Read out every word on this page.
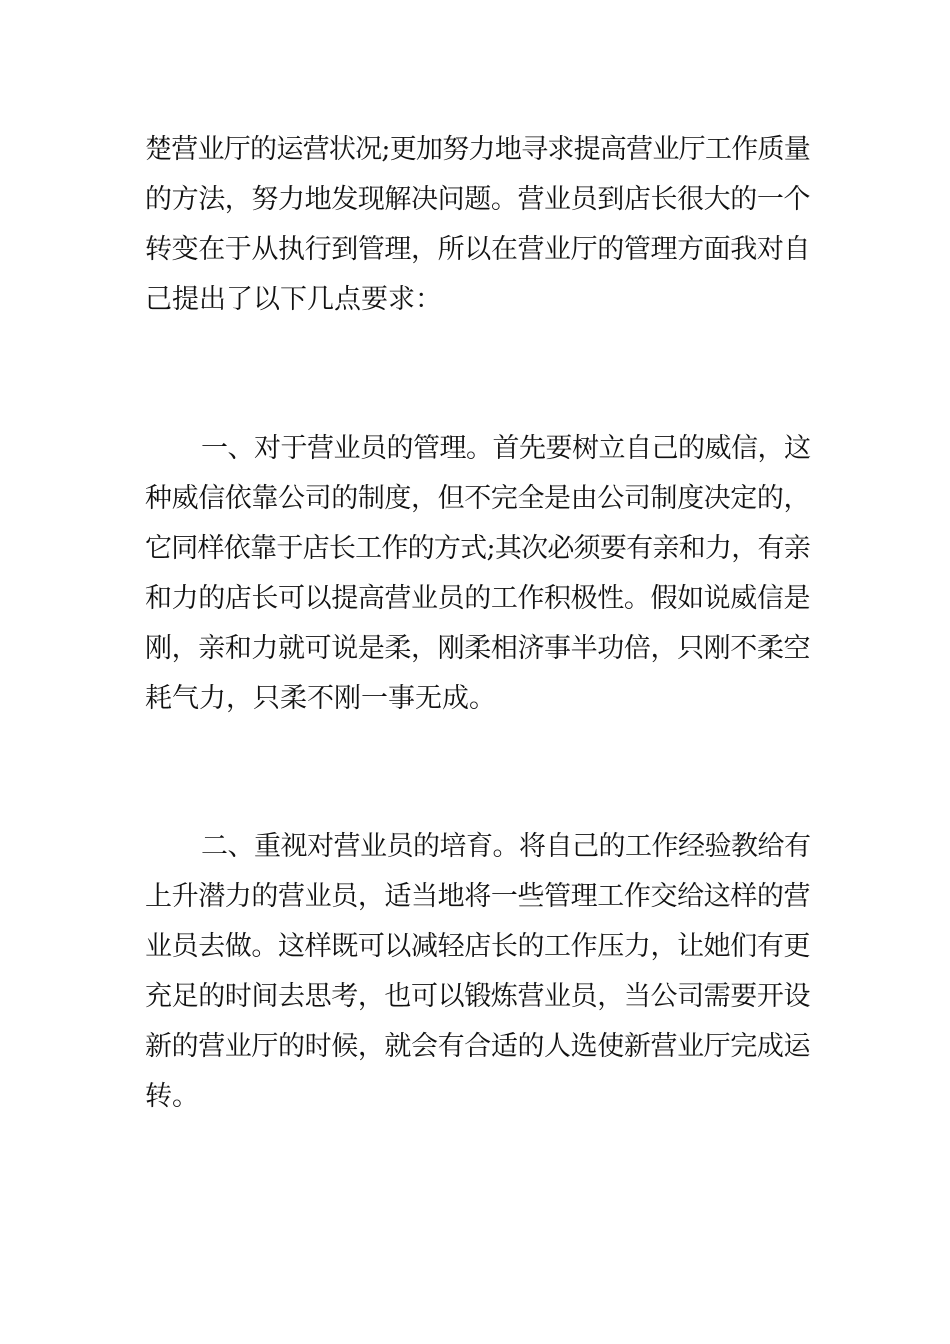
楚营业厅的运营状况;更加努力地寻求提高营业厅工作质量
的方法，努力地发现解决问题。营业员到店长很大的一个
转变在于从执行到管理，所以在营业厅的管理方面我对自
己提出了以下几点要求：
一、对于营业员的管理。首先要树立自己的威信，这
种威信依靠公司的制度，但不完全是由公司制度决定的，
它同样依靠于店长工作的方式;其次必须要有亲和力，有亲
和力的店长可以提高营业员的工作积极性。假如说威信是
刚，亲和力就可说是柔，刚柔相济事半功倍，只刚不柔空
耗气力，只柔不刚一事无成。
二、重视对营业员的培育。将自己的工作经验教给有
上升潜力的营业员，适当地将一些管理工作交给这样的营
业员去做。这样既可以减轻店长的工作压力，让她们有更
充足的时间去思考，也可以锻炼营业员，当公司需要开设
新的营业厅的时候，就会有合适的人选使新营业厅完成运
转。
